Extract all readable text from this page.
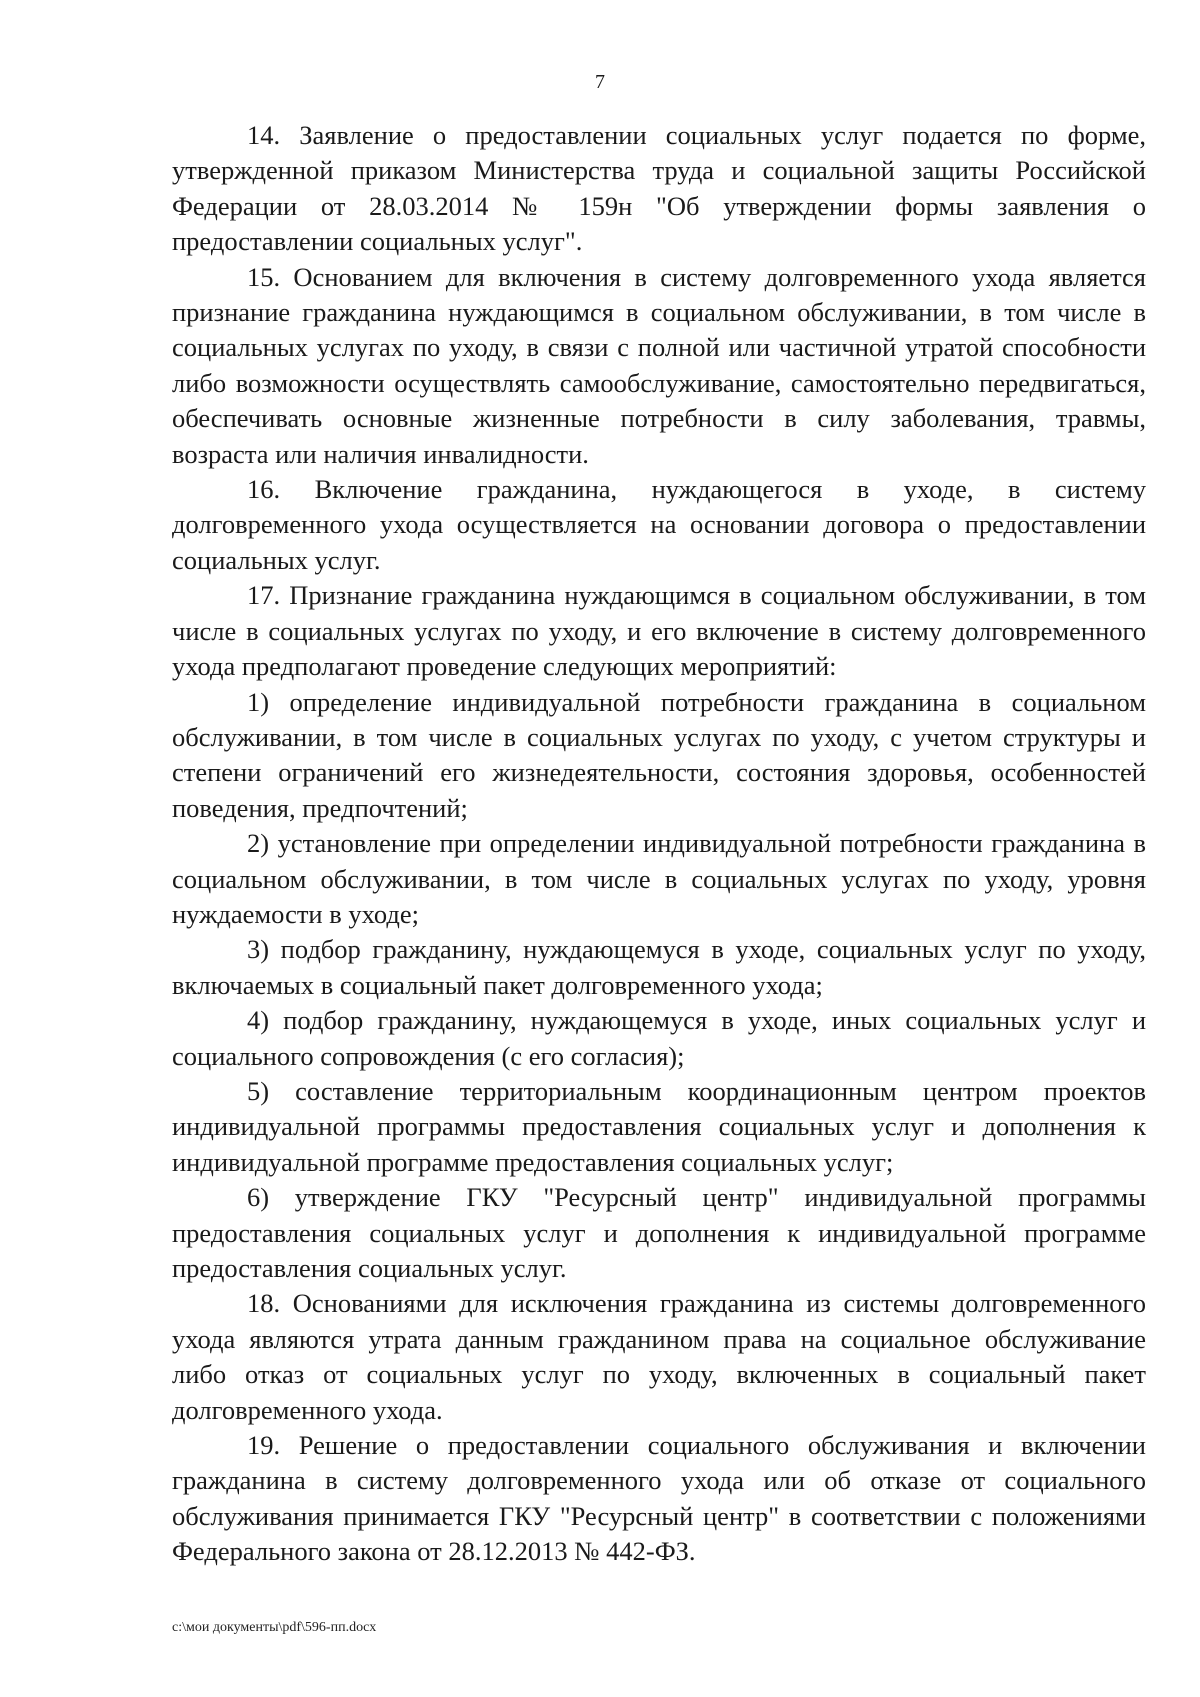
7

14. Заявление о предоставлении социальных услуг подается по форме, утвержденной приказом Министерства труда и социальной защиты Российской Федерации от 28.03.2014 № 159н "Об утверждении формы заявления о предоставлении социальных услуг".

15. Основанием для включения в систему долговременного ухода является признание гражданина нуждающимся в социальном обслуживании, в том числе в социальных услугах по уходу, в связи с полной или частичной утратой способности либо возможности осуществлять самообслуживание, самостоятельно передвигаться, обеспечивать основные жизненные потребности в силу заболевания, травмы, возраста или наличия инвалидности.

16. Включение гражданина, нуждающегося в уходе, в систему долговременного ухода осуществляется на основании договора о предоставлении социальных услуг.

17. Признание гражданина нуждающимся в социальном обслуживании, в том числе в социальных услугах по уходу, и его включение в систему долговременного ухода предполагают проведение следующих мероприятий:

1) определение индивидуальной потребности гражданина в социальном обслуживании, в том числе в социальных услугах по уходу, с учетом структуры и степени ограничений его жизнедеятельности, состояния здоровья, особенностей поведения, предпочтений;

2) установление при определении индивидуальной потребности гражданина в социальном обслуживании, в том числе в социальных услугах по уходу, уровня нуждаемости в уходе;

3) подбор гражданину, нуждающемуся в уходе, социальных услуг по уходу, включаемых в социальный пакет долговременного ухода;

4) подбор гражданину, нуждающемуся в уходе, иных социальных услуг и социального сопровождения (с его согласия);

5) составление территориальным координационным центром проектов индивидуальной программы предоставления социальных услуг и дополнения к индивидуальной программе предоставления социальных услуг;

6) утверждение ГКУ "Ресурсный центр" индивидуальной программы предоставления социальных услуг и дополнения к индивидуальной программе предоставления социальных услуг.

18. Основаниями для исключения гражданина из системы долговременного ухода являются утрата данным гражданином права на социальное обслуживание либо отказ от социальных услуг по уходу, включенных в социальный пакет долговременного ухода.

19. Решение о предоставлении социального обслуживания и включении гражданина в систему долговременного ухода или об отказе от социального обслуживания принимается ГКУ "Ресурсный центр" в соответствии с положениями Федерального закона от 28.12.2013 № 442-ФЗ.

c:\мои документы\pdf\596-пп.docx
